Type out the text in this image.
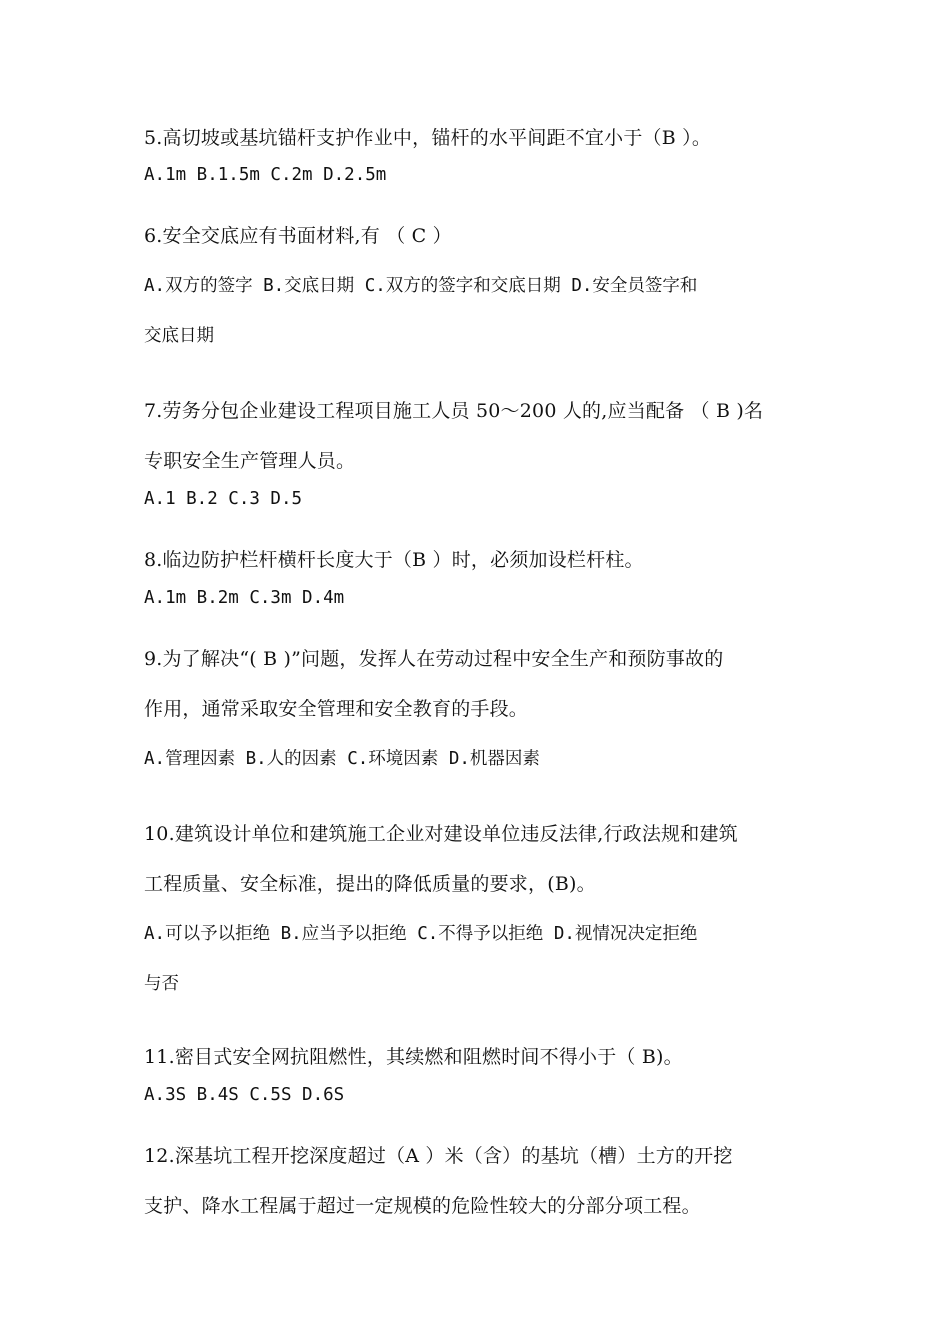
5.高切坡或基坑锚杆支护作业中，锚杆的水平间距不宜小于（B ）。
A.1m B.1.5m C.2m D.2.5m
6.安全交底应有书面材料,有 （ C ）
A.双方的签字 B.交底日期 C.双方的签字和交底日期 D.安全员签字和
交底日期
7.劳务分包企业建设工程项目施工人员 50～200 人的,应当配备 （ B )名
专职安全生产管理人员。
A.1 B.2 C.3 D.5
8.临边防护栏杆横杆长度大于（B ）时，必须加设栏杆柱。
A.1m B.2m C.3m D.4m
9.为了解决“( B )”问题，发挥人在劳动过程中安全生产和预防事故的
作用，通常采取安全管理和安全教育的手段。
A.管理因素 B.人的因素 C.环境因素 D.机器因素
10.建筑设计单位和建筑施工企业对建设单位违反法律,行政法规和建筑
工程质量、安全标准，提出的降低质量的要求，(B)。
A.可以予以拒绝 B.应当予以拒绝 C.不得予以拒绝 D.视情况决定拒绝
与否
11.密目式安全网抗阻燃性，其续燃和阻燃时间不得小于（ B)。
A.3S B.4S C.5S D.6S
12.深基坑工程开挖深度超过（A ）米（含）的基坑（槽）土方的开挖
支护、降水工程属于超过一定规模的危险性较大的分部分项工程。
